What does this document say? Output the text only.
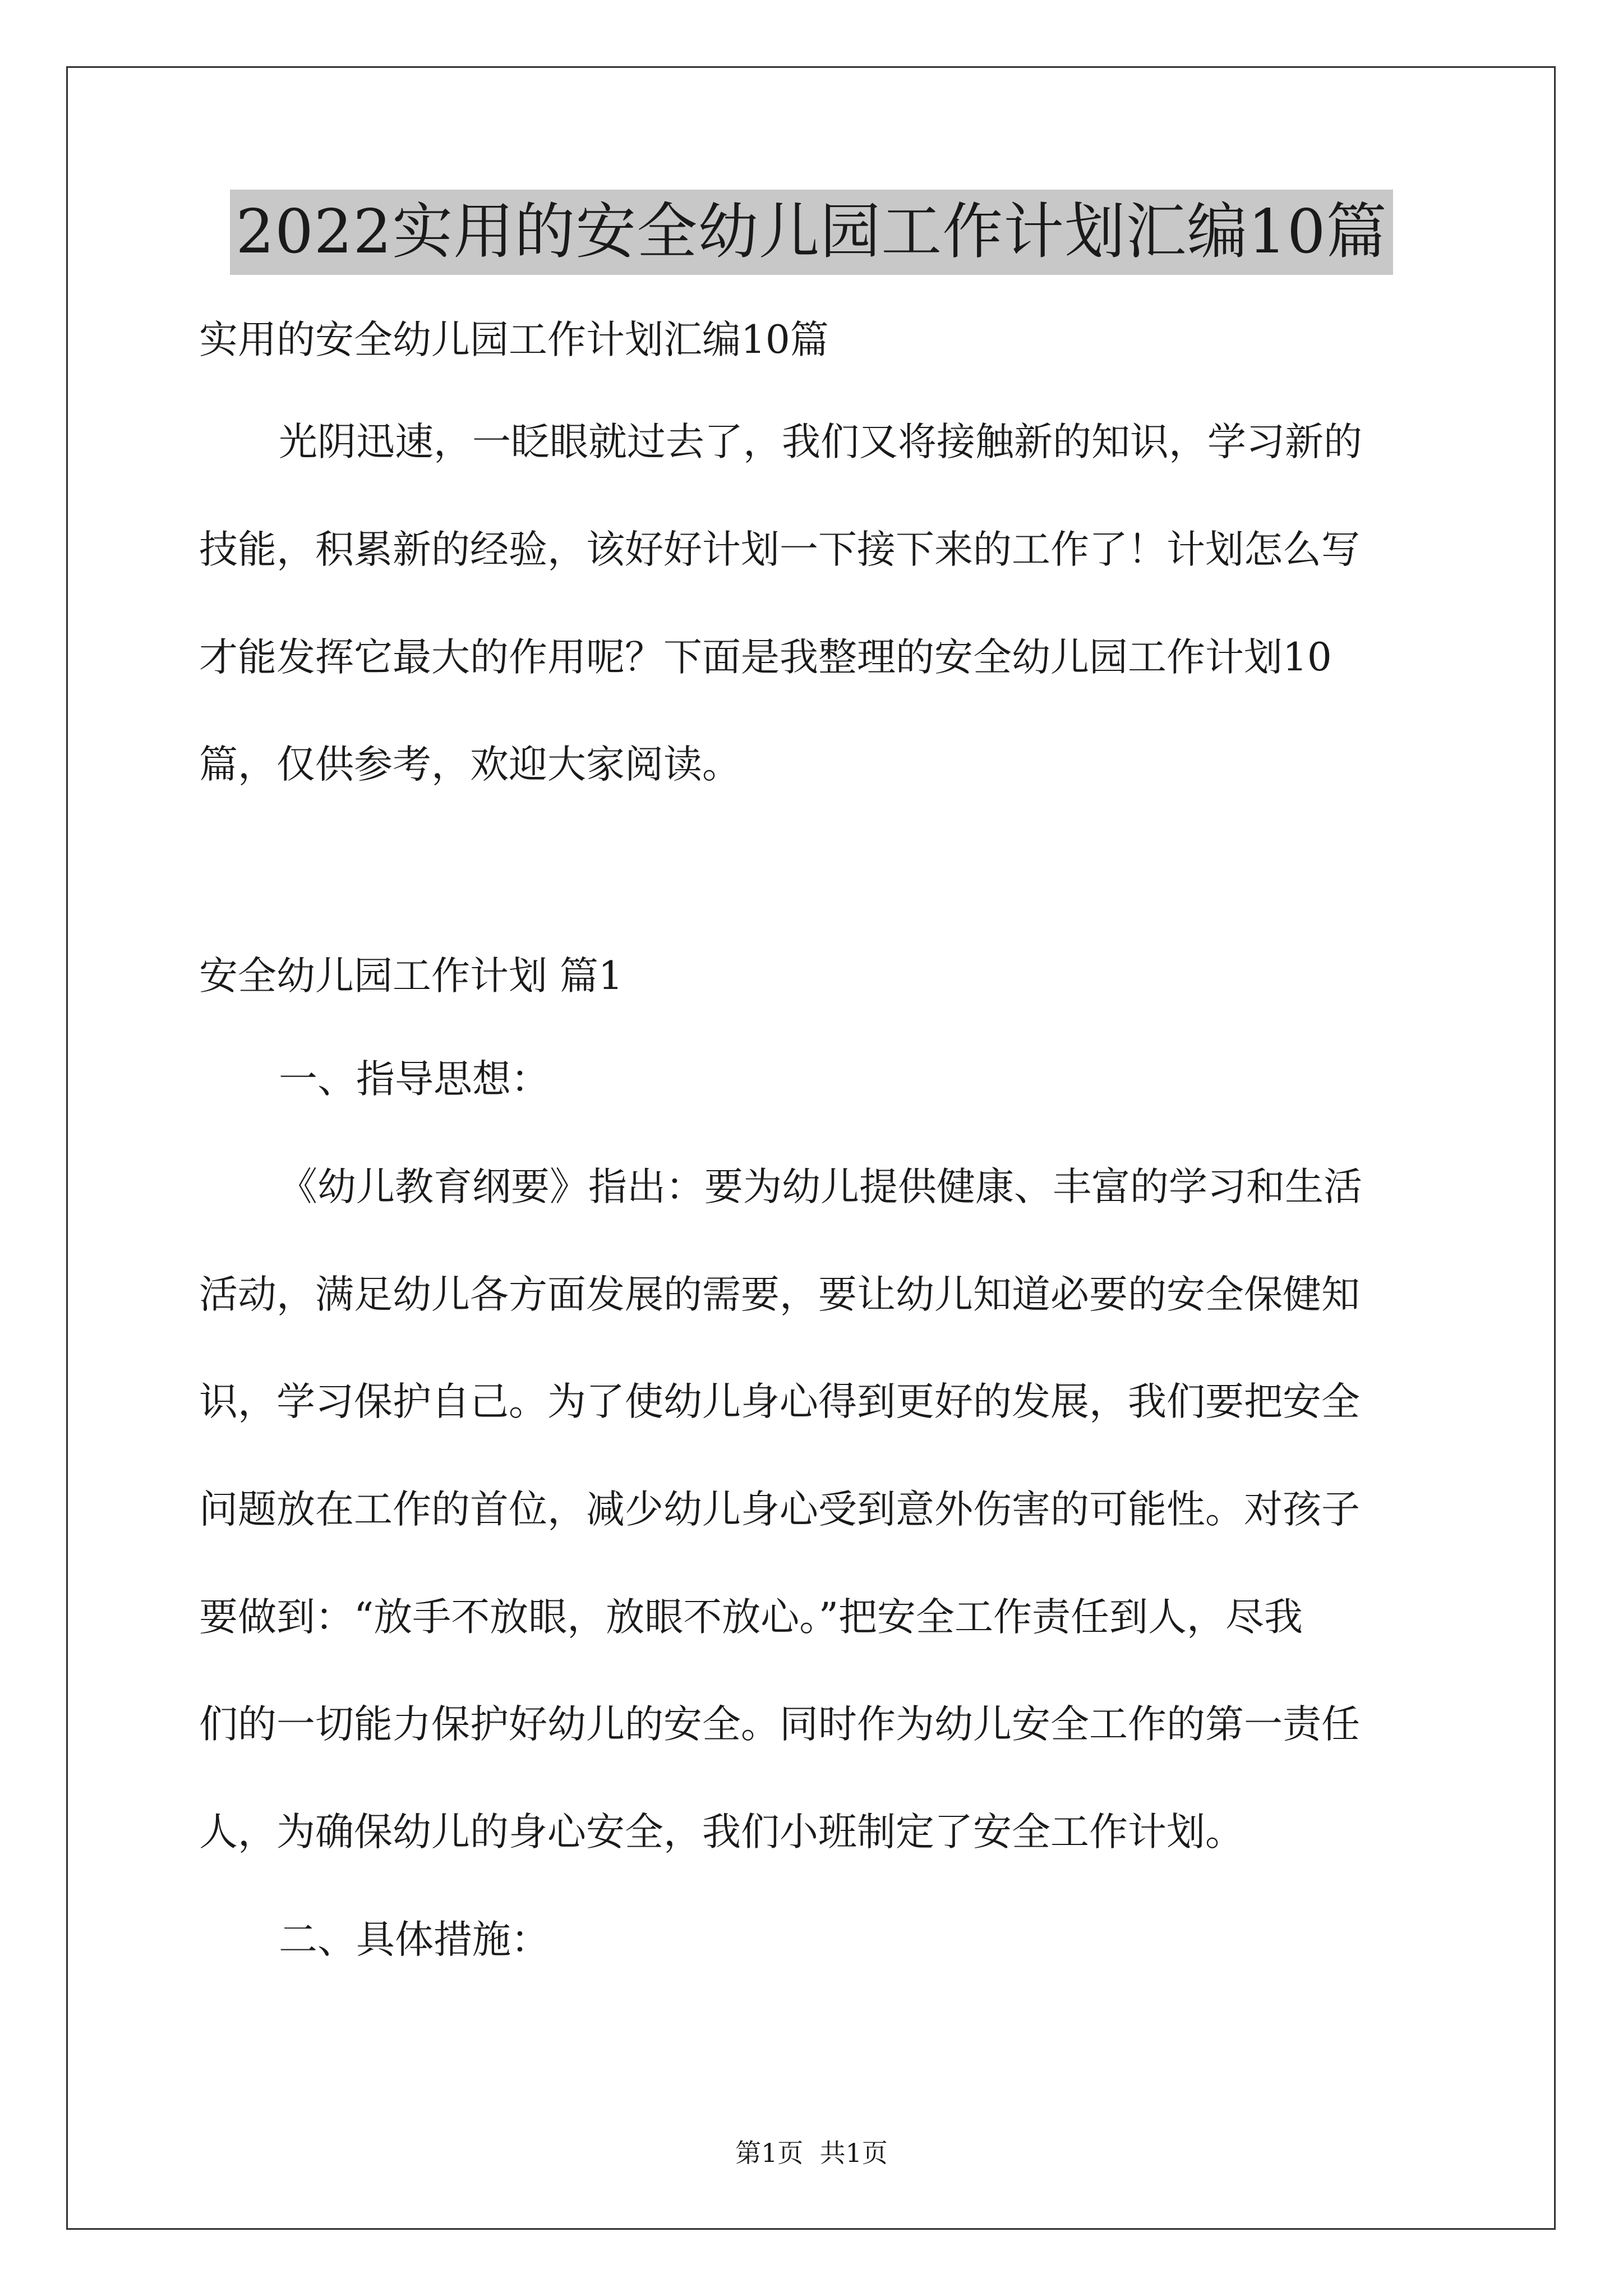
2022实用的安全幼儿园工作计划汇编10篇

实用的安全幼儿园工作计划汇编10篇

光阴迅速，一眨眼就过去了，我们又将接触新的知识，学习新的

技能，积累新的经验，该好好计划一下接下来的工作了！计划怎么写

才能发挥它最大的作用呢？下面是我整理的安全幼儿园工作计划10

篇，仅供参考，欢迎大家阅读。

安全幼儿园工作计划 篇1

一、指导思想：

《幼儿教育纲要》指出：要为幼儿提供健康、丰富的学习和生活

活动，满足幼儿各方面发展的需要，要让幼儿知道必要的安全保健知

识，学习保护自己。为了使幼儿身心得到更好的发展，我们要把安全

问题放在工作的首位，减少幼儿身心受到意外伤害的可能性。对孩子

要做到：“放手不放眼，放眼不放心。”把安全工作责任到人，尽我

们的一切能力保护好幼儿的安全。同时作为幼儿安全工作的第一责任

人，为确保幼儿的身心安全，我们小班制定了安全工作计划。

二、具体措施：

第1页  共1页
